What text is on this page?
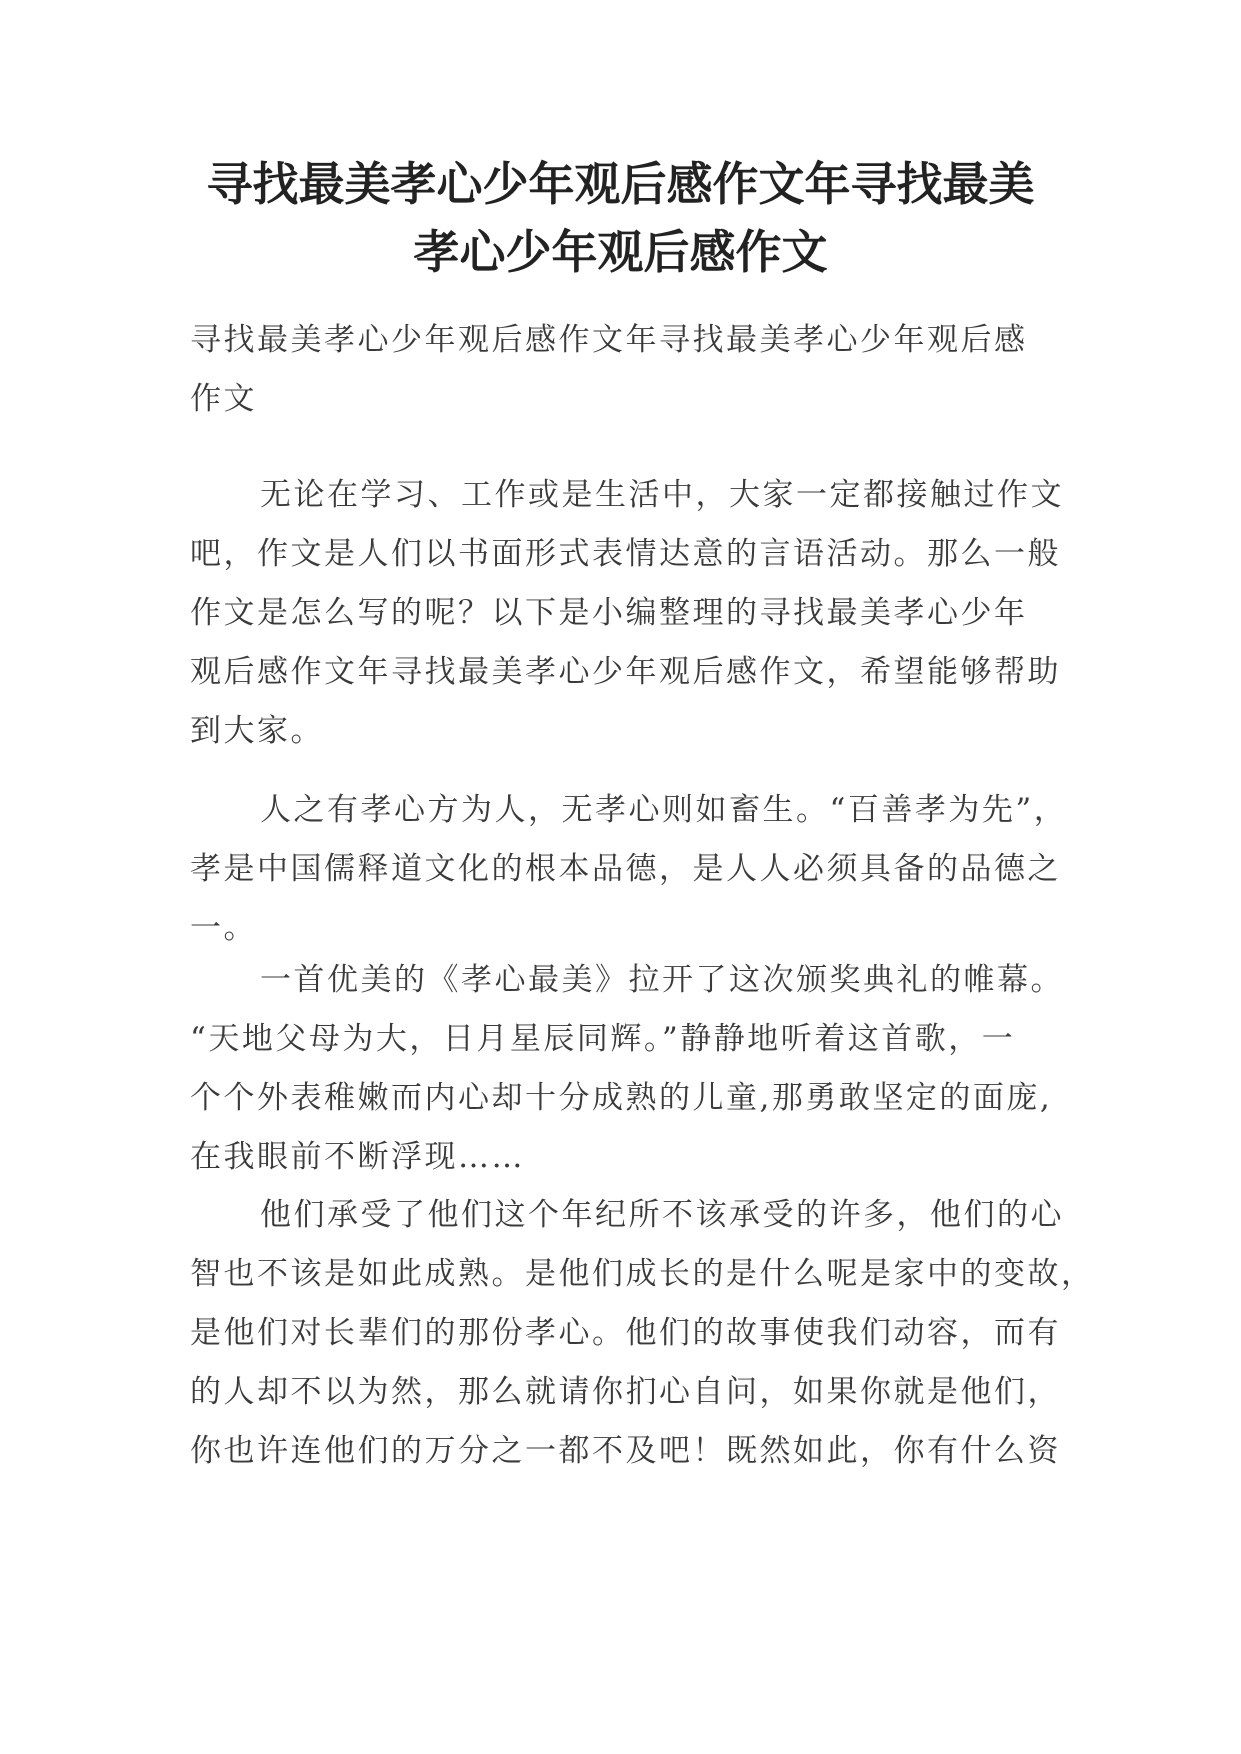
寻找最美孝心少年观后感作文年寻找最美
孝心少年观后感作文
寻找最美孝心少年观后感作文年寻找最美孝心少年观后感
作文
无论在学习、工作或是生活中，大家一定都接触过作文
吧，作文是人们以书面形式表情达意的言语活动。那么一般
作文是怎么写的呢？以下是小编整理的寻找最美孝心少年
观后感作文年寻找最美孝心少年观后感作文，希望能够帮助
到大家。
人之有孝心方为人，无孝心则如畜生。“百善孝为先”，
孝是中国儒释道文化的根本品德，是人人必须具备的品德之
一。
一首优美的《孝心最美》拉开了这次颁奖典礼的帷幕。
“天地父母为大，日月星辰同辉。”静静地听着这首歌，一
个个外表稚嫩而内心却十分成熟的儿童,那勇敢坚定的面庞,
在我眼前不断浮现……
他们承受了他们这个年纪所不该承受的许多，他们的心
智也不该是如此成熟。是他们成长的是什么呢是家中的变故，
是他们对长辈们的那份孝心。他们的故事使我们动容，而有
的人却不以为然，那么就请你扪心自问，如果你就是他们，
你也许连他们的万分之一都不及吧！既然如此，你有什么资
